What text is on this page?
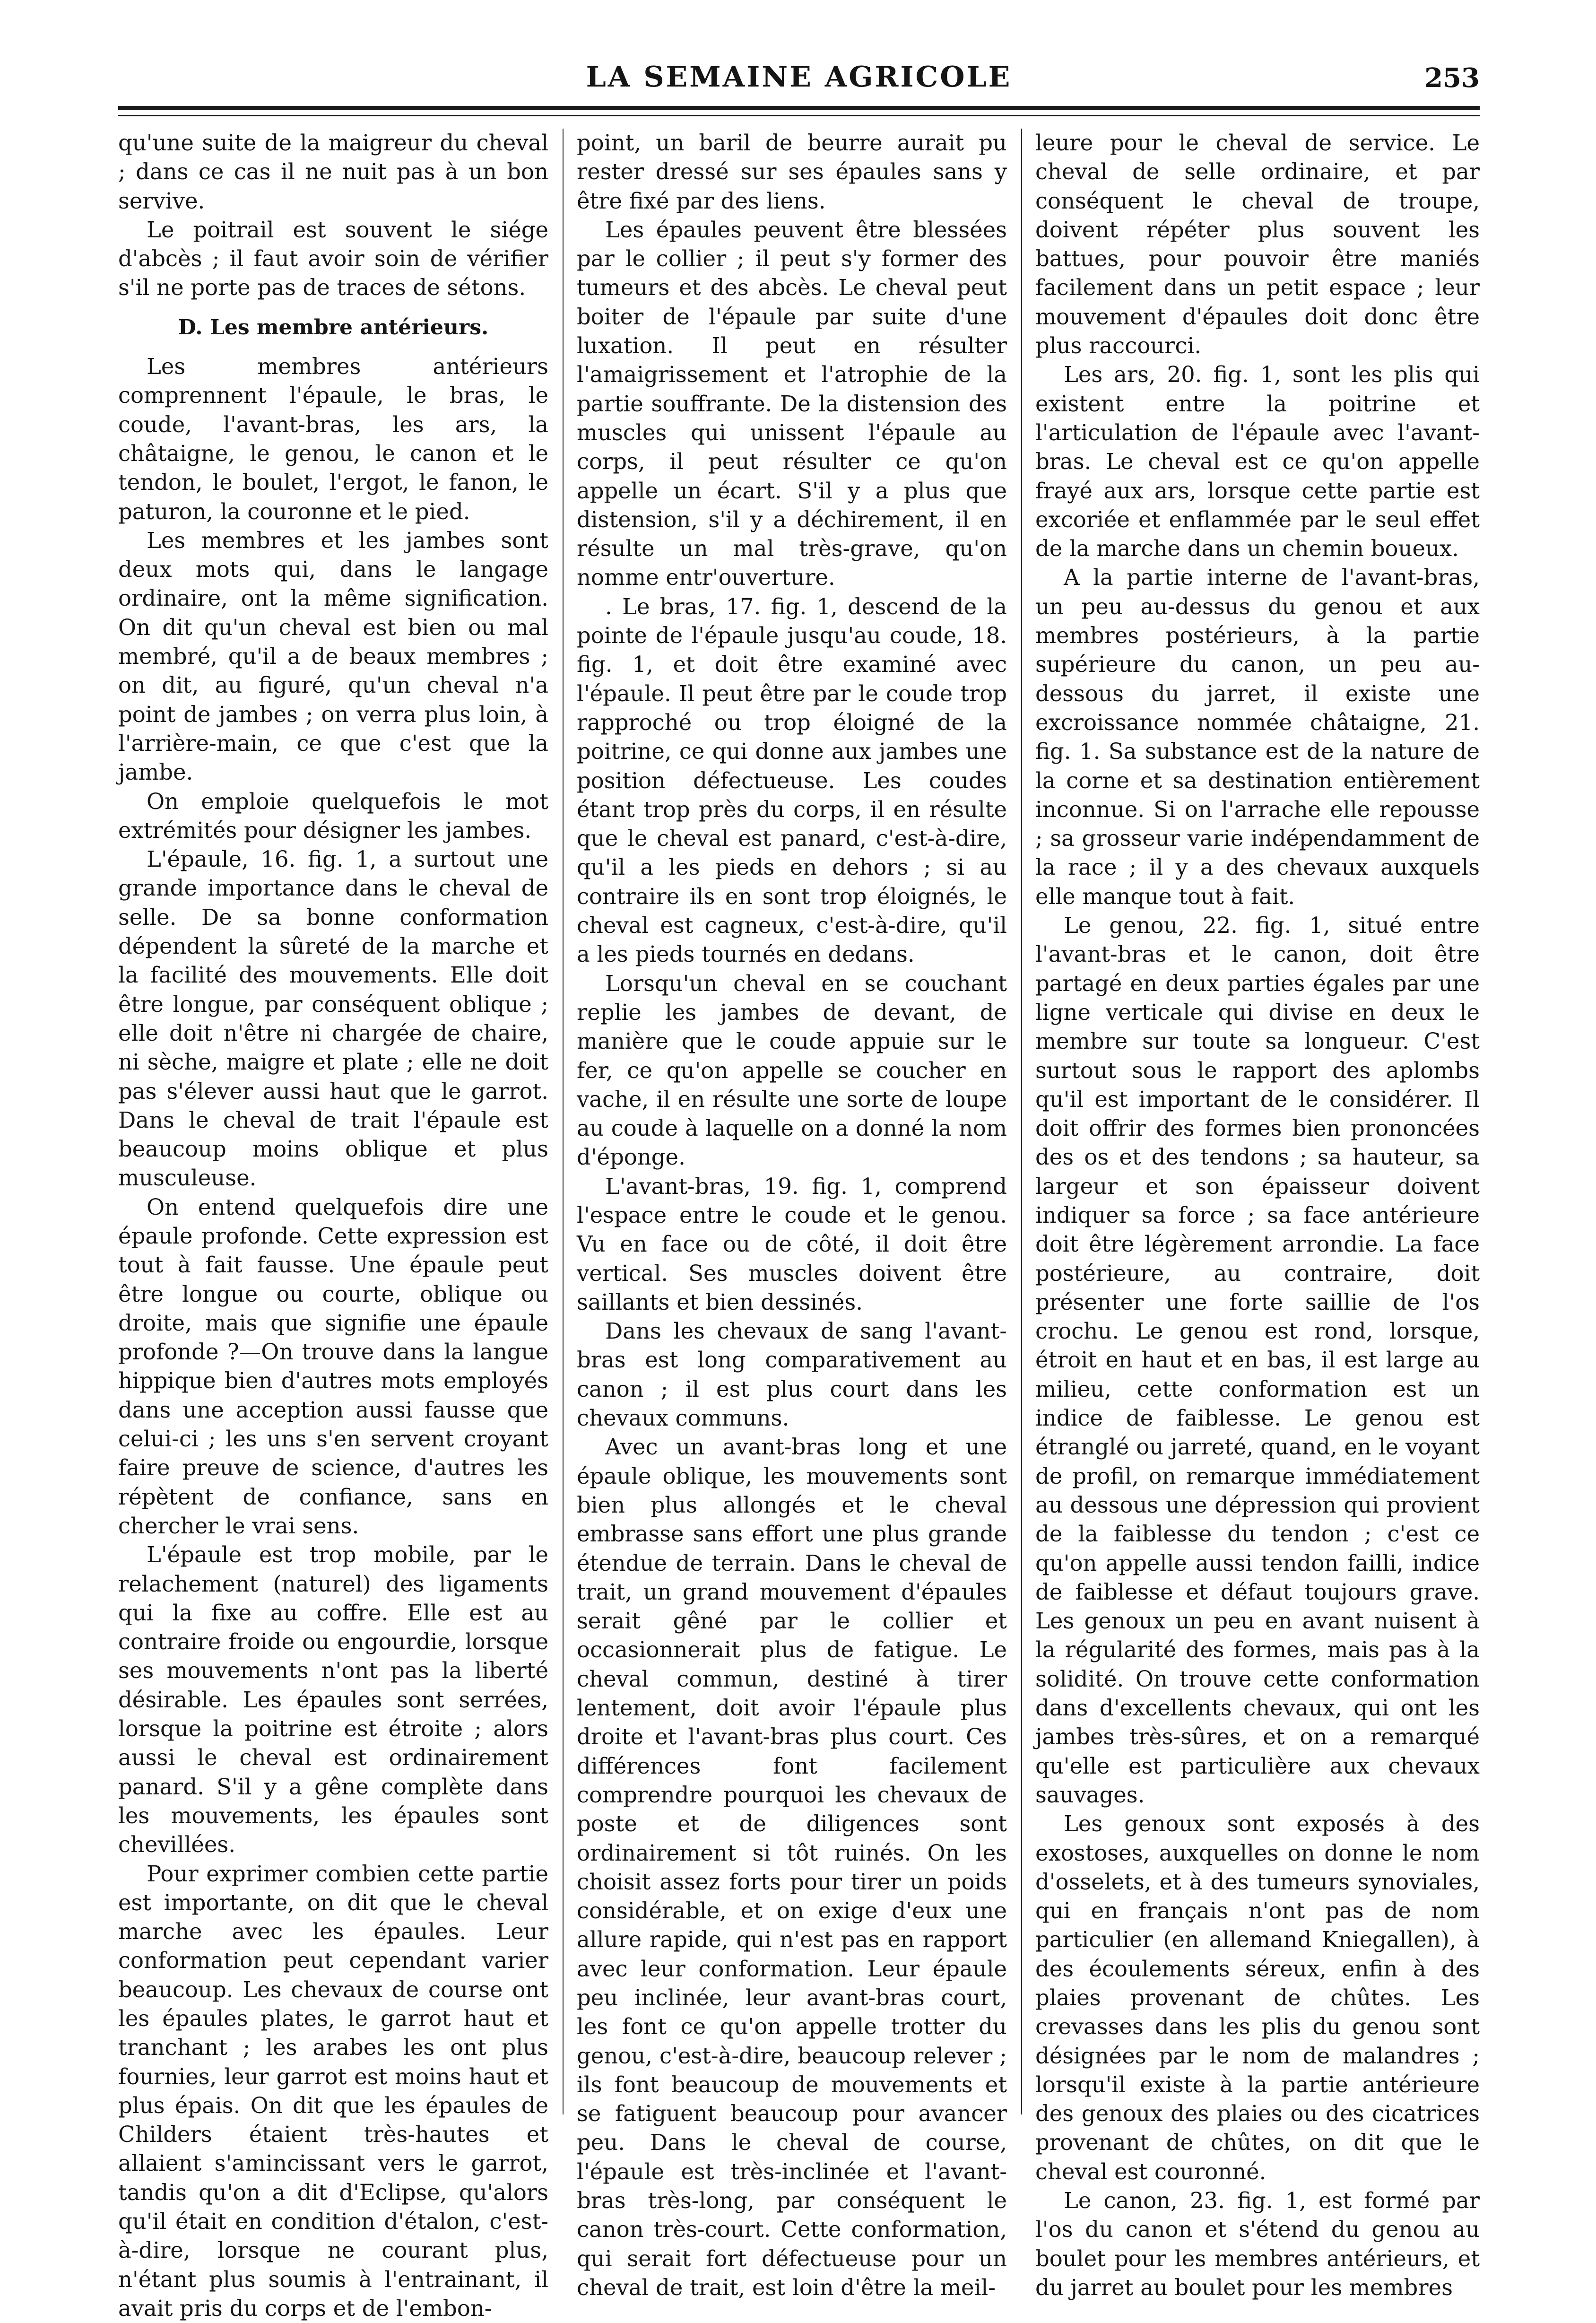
LA SEMAINE AGRICOLE	253

qu'une suite de la maigreur du cheval ; dans ce cas il ne nuit pas à un bon servive.

Le poitrail est souvent le siége d'abcès ; il faut avoir soin de vérifier s'il ne porte pas de traces de sétons.

D. Les membre antérieurs.

Les membres antérieurs comprennent l'épaule, le bras, le coude, l'avant-bras, les ars, la châtaigne, le genou, le canon et le tendon, le boulet, l'ergot, le fanon, le paturon, la couronne et le pied.

Les membres et les jambes sont deux mots qui, dans le langage ordinaire, ont la même signification. On dit qu'un cheval est bien ou mal membré, qu'il a de beaux membres ; on dit, au figuré, qu'un cheval n'a point de jambes ; on verra plus loin, à l'arrière-main, ce que c'est que la jambe.

On emploie quelquefois le mot extrémités pour désigner les jambes.

L'épaule, 16. fig. 1, a surtout une grande importance dans le cheval de selle. De sa bonne conformation dépendent la sûreté de la marche et la facilité des mouvements. Elle doit être longue, par conséquent oblique ; elle doit n'être ni chargée de chaire, ni sèche, maigre et plate ; elle ne doit pas s'élever aussi haut que le garrot. Dans le cheval de trait l'épaule est beaucoup moins oblique et plus musculeuse.

On entend quelquefois dire une épaule profonde. Cette expression est tout à fait fausse. Une épaule peut être longue ou courte, oblique ou droite, mais que signifie une épaule profonde ?—On trouve dans la langue hippique bien d'autres mots employés dans une acception aussi fausse que celui-ci ; les uns s'en servent croyant faire preuve de science, d'autres les répètent de confiance, sans en chercher le vrai sens.

L'épaule est trop mobile, par le relachement (naturel) des ligaments qui la fixe au coffre. Elle est au contraire froide ou engourdie, lorsque ses mouvements n'ont pas la liberté désirable. Les épaules sont serrées, lorsque la poitrine est étroite ; alors aussi le cheval est ordinairement panard. S'il y a gêne complète dans les mouvements, les épaules sont chevillées.

Pour exprimer combien cette partie est importante, on dit que le cheval marche avec les épaules. Leur conformation peut cependant varier beaucoup. Les chevaux de course ont les épaules plates, le garrot haut et tranchant ; les arabes les ont plus fournies, leur garrot est moins haut et plus épais. On dit que les épaules de Childers étaient très-hautes et allaient s'amincissant vers le garrot, tandis qu'on a dit d'Eclipse, qu'alors qu'il était en condition d'étalon, c'est-à-dire, lorsque ne courant plus, n'étant plus soumis à l'entrainant, il avait pris du corps et de l'embon-

point, un baril de beurre aurait pu rester dressé sur ses épaules sans y être fixé par des liens.

Les épaules peuvent être blessées par le collier ; il peut s'y former des tumeurs et des abcès. Le cheval peut boiter de l'épaule par suite d'une luxation. Il peut en résulter l'amaigrissement et l'atrophie de la partie souffrante. De la distension des muscles qui unissent l'épaule au corps, il peut résulter ce qu'on appelle un écart. S'il y a plus que distension, s'il y a déchirement, il en résulte un mal très-grave, qu'on nomme entr'ouverture.

. Le bras, 17. fig. 1, descend de la pointe de l'épaule jusqu'au coude, 18. fig. 1, et doit être examiné avec l'épaule. Il peut être par le coude trop rapproché ou trop éloigné de la poitrine, ce qui donne aux jambes une position défectueuse. Les coudes étant trop près du corps, il en résulte que le cheval est panard, c'est-à-dire, qu'il a les pieds en dehors ; si au contraire ils en sont trop éloignés, le cheval est cagneux, c'est-à-dire, qu'il a les pieds tournés en dedans.

Lorsqu'un cheval en se couchant replie les jambes de devant, de manière que le coude appuie sur le fer, ce qu'on appelle se coucher en vache, il en résulte une sorte de loupe au coude à laquelle on a donné la nom d'éponge.

L'avant-bras, 19. fig. 1, comprend l'espace entre le coude et le genou. Vu en face ou de côté, il doit être vertical. Ses muscles doivent être saillants et bien dessinés.

Dans les chevaux de sang l'avant-bras est long comparativement au canon ; il est plus court dans les chevaux communs.

Avec un avant-bras long et une épaule oblique, les mouvements sont bien plus allongés et le cheval embrasse sans effort une plus grande étendue de terrain. Dans le cheval de trait, un grand mouvement d'épaules serait gêné par le collier et occasionnerait plus de fatigue. Le cheval commun, destiné à tirer lentement, doit avoir l'épaule plus droite et l'avant-bras plus court. Ces différences font facilement comprendre pourquoi les chevaux de poste et de diligences sont ordinairement si tôt ruinés. On les choisit assez forts pour tirer un poids considérable, et on exige d'eux une allure rapide, qui n'est pas en rapport avec leur conformation. Leur épaule peu inclinée, leur avant-bras court, les font ce qu'on appelle trotter du genou, c'est-à-dire, beaucoup relever ; ils font beaucoup de mouvements et se fatiguent beaucoup pour avancer peu. Dans le cheval de course, l'épaule est très-inclinée et l'avant-bras très-long, par conséquent le canon très-court. Cette conformation, qui serait fort défectueuse pour un cheval de trait, est loin d'être la meil-

leure pour le cheval de service. Le cheval de selle ordinaire, et par conséquent le cheval de troupe, doivent répéter plus souvent les battues, pour pouvoir être maniés facilement dans un petit espace ; leur mouvement d'épaules doit donc être plus raccourci.

Les ars, 20. fig. 1, sont les plis qui existent entre la poitrine et l'articulation de l'épaule avec l'avant-bras. Le cheval est ce qu'on appelle frayé aux ars, lorsque cette partie est excoriée et enflammée par le seul effet de la marche dans un chemin boueux.

A la partie interne de l'avant-bras, un peu au-dessus du genou et aux membres postérieurs, à la partie supérieure du canon, un peu au-dessous du jarret, il existe une excroissance nommée châtaigne, 21. fig. 1. Sa substance est de la nature de la corne et sa destination entièrement inconnue. Si on l'arrache elle repousse ; sa grosseur varie indépendamment de la race ; il y a des chevaux auxquels elle manque tout à fait.

Le genou, 22. fig. 1, situé entre l'avant-bras et le canon, doit être partagé en deux parties égales par une ligne verticale qui divise en deux le membre sur toute sa longueur. C'est surtout sous le rapport des aplombs qu'il est important de le considérer. Il doit offrir des formes bien prononcées des os et des tendons ; sa hauteur, sa largeur et son épaisseur doivent indiquer sa force ; sa face antérieure doit être légèrement arrondie. La face postérieure, au contraire, doit présenter une forte saillie de l'os crochu. Le genou est rond, lorsque, étroit en haut et en bas, il est large au milieu, cette conformation est un indice de faiblesse. Le genou est étranglé ou jarreté, quand, en le voyant de profil, on remarque immédiatement au dessous une dépression qui provient de la faiblesse du tendon ; c'est ce qu'on appelle aussi tendon failli, indice de faiblesse et défaut toujours grave. Les genoux un peu en avant nuisent à la régularité des formes, mais pas à la solidité. On trouve cette conformation dans d'excellents chevaux, qui ont les jambes très-sûres, et on a remarqué qu'elle est particulière aux chevaux sauvages.

Les genoux sont exposés à des exostoses, auxquelles on donne le nom d'osselets, et à des tumeurs synoviales, qui en français n'ont pas de nom particulier (en allemand Kniegallen), à des écoulements séreux, enfin à des plaies provenant de chûtes. Les crevasses dans les plis du genou sont désignées par le nom de malandres ; lorsqu'il existe à la partie antérieure des genoux des plaies ou des cicatrices provenant de chûtes, on dit que le cheval est couronné.

Le canon, 23. fig. 1, est formé par l'os du canon et s'étend du genou au boulet pour les membres antérieurs, et du jarret au boulet pour les membres
